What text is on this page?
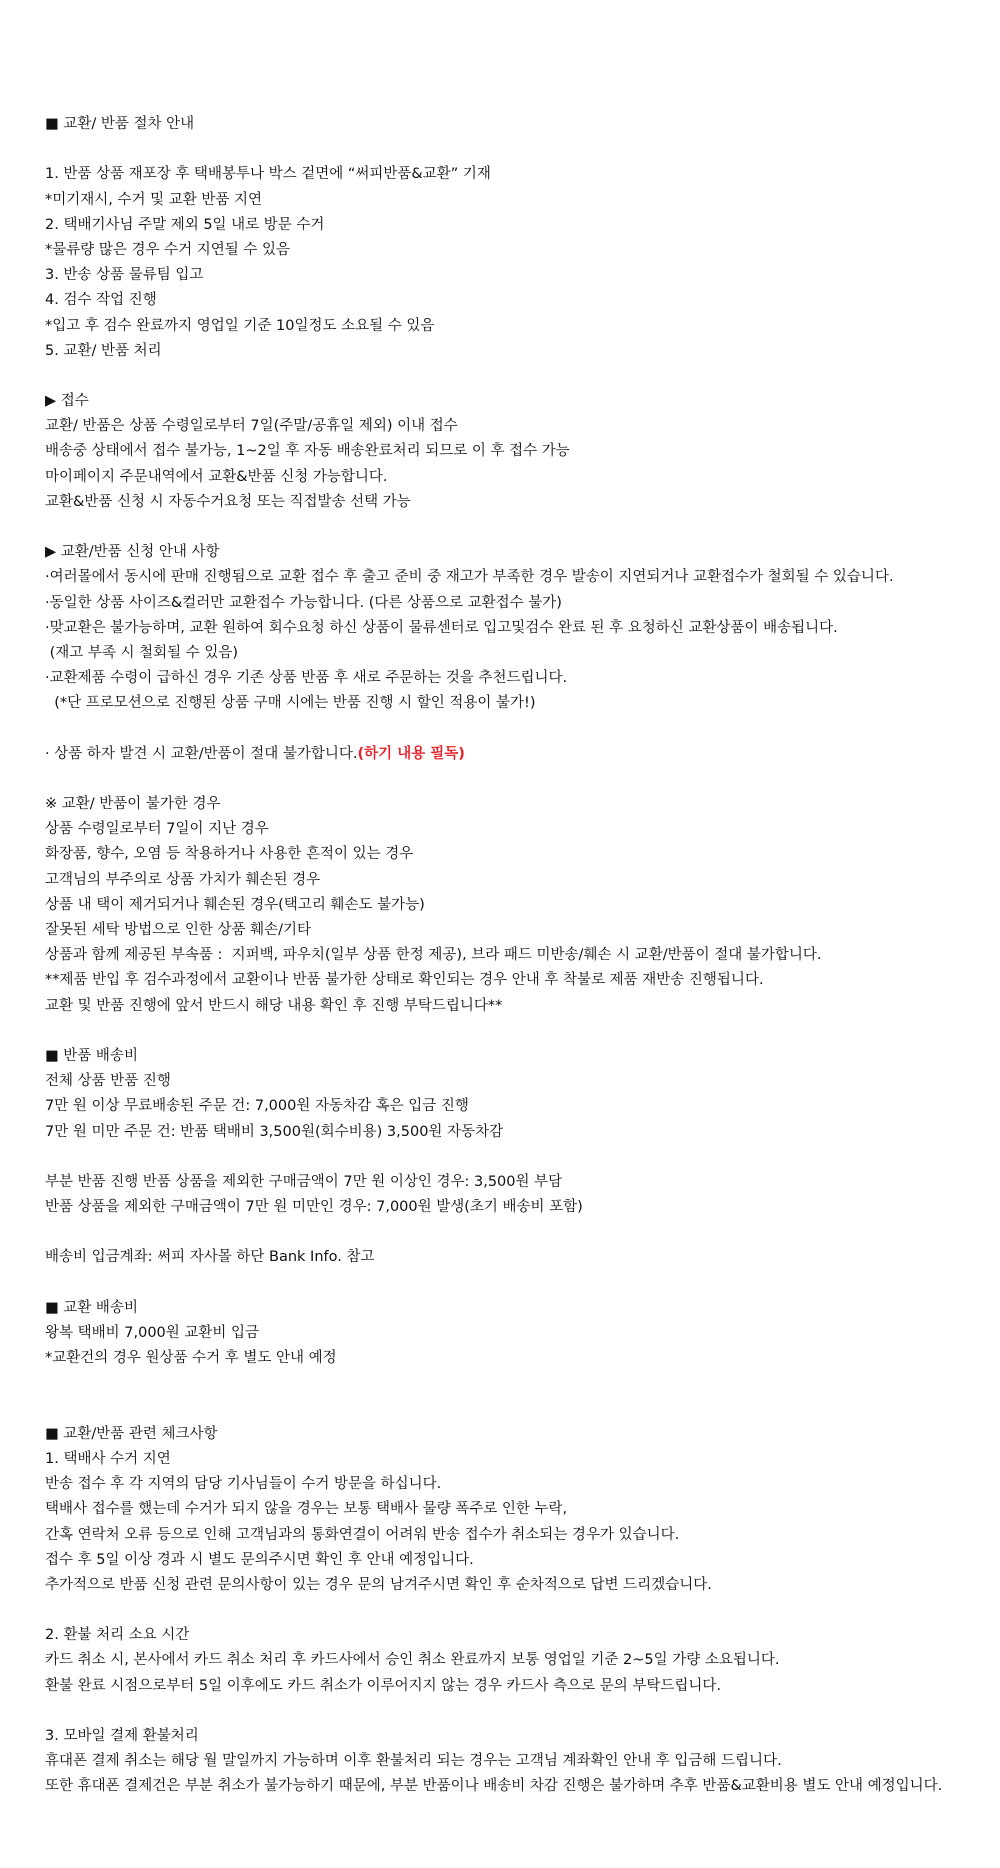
■ 교환/ 반품 절차 안내
1. 반품 상품 재포장 후 택배봉투나 박스 겉면에 “써피반품&교환” 기재
*미기재시, 수거 및 교환 반품 지연
2. 택배기사님 주말 제외 5일 내로 방문 수거
*물류량 많은 경우 수거 지연될 수 있음
3. 반송 상품 물류팀 입고
4. 검수 작업 진행
*입고 후 검수 완료까지 영업일 기준 10일정도 소요될 수 있음
5. 교환/ 반품 처리
▶ 접수
교환/ 반품은 상품 수령일로부터 7일(주말/공휴일 제외) 이내 접수
배송중 상태에서 접수 불가능, 1~2일 후 자동 배송완료처리 되므로 이 후 접수 가능
마이페이지 주문내역에서 교환&반품 신청 가능합니다.
교환&반품 신청 시 자동수거요청 또는 직접발송 선택 가능
▶ 교환/반품 신청 안내 사항
·여러몰에서 동시에 판매 진행됨으로 교환 접수 후 출고 준비 중 재고가 부족한 경우 발송이 지연되거나 교환접수가 철회될 수 있습니다.
·동일한 상품 사이즈&컬러만 교환접수 가능합니다. (다른 상품으로 교환접수 불가)
·맞교환은 불가능하며, 교환 원하여 회수요청 하신 상품이 물류센터로 입고및검수 완료 된 후 요청하신 교환상품이 배송됩니다.
(재고 부족 시 철회될 수 있음)
·교환제품 수령이 급하신 경우 기존 상품 반품 후 새로 주문하는 것을 추천드립니다.
(*단 프로모션으로 진행된 상품 구매 시에는 반품 진행 시 할인 적용이 불가!)
· 상품 하자 발견 시 교환/반품이 절대 불가합니다.(하기 내용 필독)
※ 교환/ 반품이 불가한 경우
상품 수령일로부터 7일이 지난 경우
화장품, 향수, 오염 등 착용하거나 사용한 흔적이 있는 경우
고객님의 부주의로 상품 가치가 훼손된 경우
상품 내 택이 제거되거나 훼손된 경우(택고리 훼손도 불가능)
잘못된 세탁 방법으로 인한 상품 훼손/기타
상품과 함께 제공된 부속품 :  지퍼백, 파우치(일부 상품 한정 제공), 브라 패드 미반송/훼손 시 교환/반품이 절대 불가합니다.
**제품 반입 후 검수과정에서 교환이나 반품 불가한 상태로 확인되는 경우 안내 후 착불로 제품 재반송 진행됩니다.
교환 및 반품 진행에 앞서 반드시 해당 내용 확인 후 진행 부탁드립니다**
■ 반품 배송비
전체 상품 반품 진행
7만 원 이상 무료배송된 주문 건: 7,000원 자동차감 혹은 입금 진행
7만 원 미만 주문 건: 반품 택배비 3,500원(회수비용) 3,500원 자동차감
부분 반품 진행 반품 상품을 제외한 구매금액이 7만 원 이상인 경우: 3,500원 부담
반품 상품을 제외한 구매금액이 7만 원 미만인 경우: 7,000원 발생(초기 배송비 포함)
배송비 입금계좌: 써피 자사몰 하단 Bank Info. 참고
■ 교환 배송비
왕복 택배비 7,000원 교환비 입금
*교환건의 경우 원상품 수거 후 별도 안내 예정
■ 교환/반품 관련 체크사항
1. 택배사 수거 지연
반송 접수 후 각 지역의 담당 기사님들이 수거 방문을 하십니다.
택배사 접수를 했는데 수거가 되지 않을 경우는 보통 택배사 물량 폭주로 인한 누락,
간혹 연락처 오류 등으로 인해 고객님과의 통화연결이 어려워 반송 접수가 취소되는 경우가 있습니다.
접수 후 5일 이상 경과 시 별도 문의주시면 확인 후 안내 예정입니다.
추가적으로 반품 신청 관련 문의사항이 있는 경우 문의 남겨주시면 확인 후 순차적으로 답변 드리겠습니다.
2. 환불 처리 소요 시간
카드 취소 시, 본사에서 카드 취소 처리 후 카드사에서 승인 취소 완료까지 보통 영업일 기준 2~5일 가량 소요됩니다.
환불 완료 시점으로부터 5일 이후에도 카드 취소가 이루어지지 않는 경우 카드사 측으로 문의 부탁드립니다.
3. 모바일 결제 환불처리
휴대폰 결제 취소는 해당 월 말일까지 가능하며 이후 환불처리 되는 경우는 고객님 계좌확인 안내 후 입금해 드립니다.
또한 휴대폰 결제건은 부분 취소가 불가능하기 때문에, 부분 반품이나 배송비 차감 진행은 불가하며 추후 반품&교환비용 별도 안내 예정입니다.
